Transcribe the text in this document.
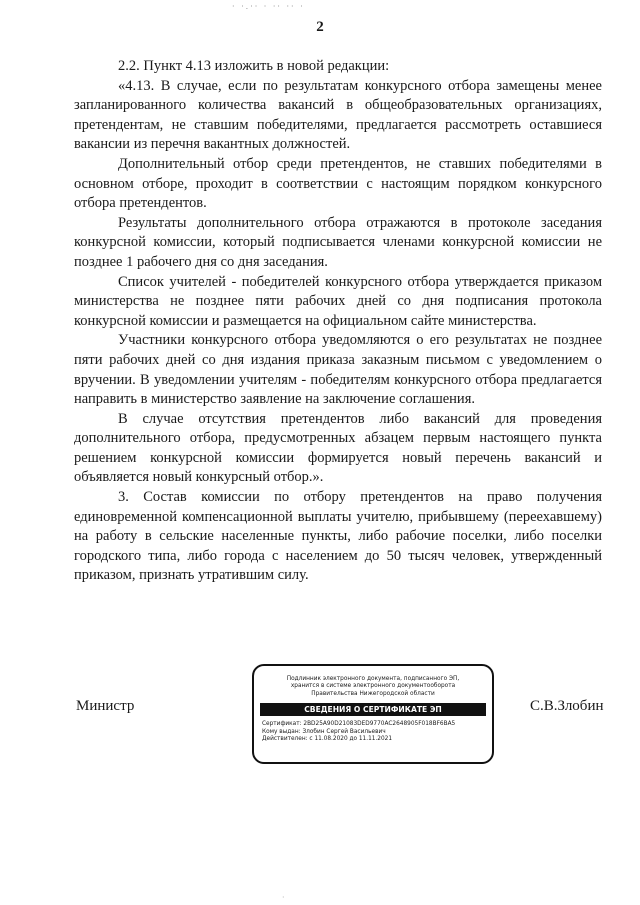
· ·.·· · ·· ·· ·
2

2.2. Пункт 4.13 изложить в новой редакции:

«4.13. В случае, если по результатам конкурсного отбора замещены менее запланированного количества вакансий в общеобразовательных организациях, претендентам, не ставшим победителями, предлагается рассмотреть оставшиеся вакансии из перечня вакантных должностей.

Дополнительный отбор среди претендентов, не ставших победителями в основном отборе, проходит в соответствии с настоящим порядком конкурсного отбора претендентов.

Результаты дополнительного отбора отражаются в протоколе заседания конкурсной комиссии, который подписывается членами конкурсной комиссии не позднее 1 рабочего дня со дня заседания.

Список учителей - победителей конкурсного отбора утверждается приказом министерства не позднее пяти рабочих дней со дня подписания протокола конкурсной комиссии и размещается на официальном сайте министерства.

Участники конкурсного отбора уведомляются о его результатах не позднее пяти рабочих дней со дня издания приказа заказным письмом с уведомлением о вручении. В уведомлении учителям - победителям конкурсного отбора предлагается направить в министерство заявление на заключение соглашения.

В случае отсутствия претендентов либо вакансий для проведения дополнительного отбора, предусмотренных абзацем первым настоящего пункта решением конкурсной комиссии формируется новый перечень вакансий и объявляется новый конкурсный отбор.».

3. Состав комиссии по отбору претендентов на право получения единовременной компенсационной выплаты учителю, прибывшему (переехавшему) на работу в сельские населенные пункты, либо рабочие поселки, либо поселки городского типа, либо города с населением до 50 тысяч человек, утвержденный приказом, признать утратившим силу.

Министр
Подлинник электронного документа, подписанного ЭП,
хранится в системе электронного документооборота
Правительства Нижегородской области
СВЕДЕНИЯ О СЕРТИФИКАТЕ ЭП
Сертификат: 2BD25A90D21083DED9770AC2648905F018BF6BA5
Кому выдан: Злобин Сергей Васильевич
Действителен: с 11.08.2020 до 11.11.2021
С.В.Злобин
·
